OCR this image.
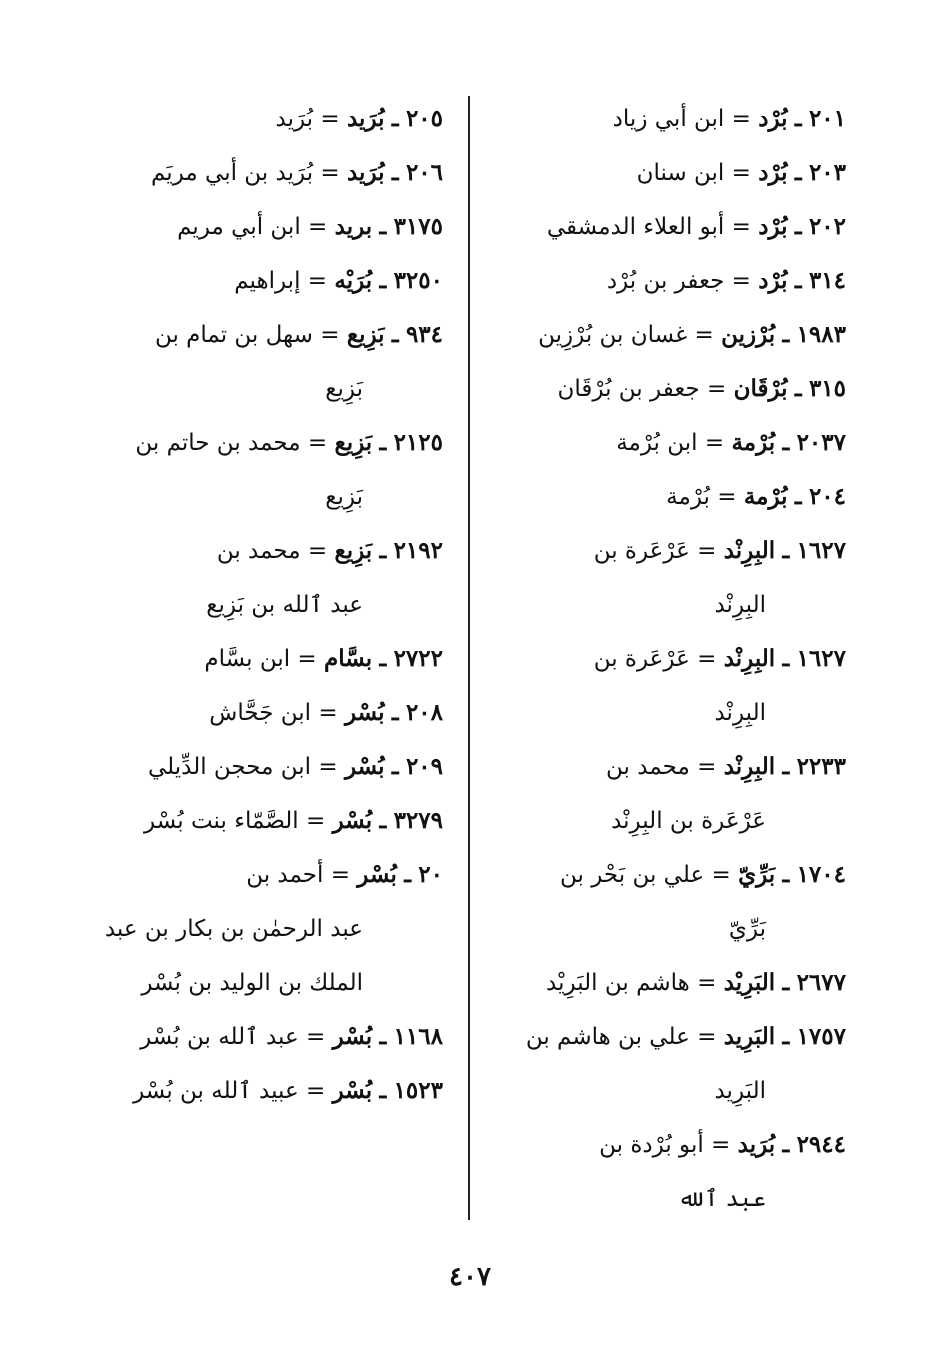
٢٠١ ـ بُرْد = ابن أبي زياد

٢٠٣ ـ بُرْد = ابن سنان

٢٠٢ ـ بُرْد = أبو العلاء الدمشقي

٣١٤ ـ بُرْد = جعفر بن بُرْد

١٩٨٣ ـ بُرْزين = غسان بن بُرْزِين

٣١٥ ـ بُرْقَان = جعفر بن بُرْقَان

٢٠٣٧ ـ بُرْمة = ابن بُرْمة

٢٠٤ ـ بُرْمة = بُرْمة

١٦٢٧ ـ البِرِنْد = عَرْعَرة بن
البِرِنْد

١٦٢٧ ـ البِرِنْد = عَرْعَرة بن
البِرِنْد

٢٢٣٣ ـ البِرِنْد = محمد بن
عَرْعَرة بن البِرِنْد

١٧٠٤ ـ بَرِّيّ = علي بن بَحْر بن
بَرِّيّ

٢٦٧٧ ـ البَرِيْد = هاشم بن البَرِيْد

١٧٥٧ ـ البَرِيد = علي بن هاشم بن
البَرِيد

٢٩٤٤ ـ بُرَيد = أبو بُرْدة بن
عبد ٱلله

٢٠٥ ـ بُرَيد = بُرَيد

٢٠٦ ـ بُرَيد = بُرَيد بن أبي مريَم

٣١٧٥ ـ بريد = ابن أبي مريم

٣٢٥٠ ـ بُرَيْه = إبراهيم

٩٣٤ ـ بَزِيع = سهل بن تمام بن
بَزِيع

٢١٢٥ ـ بَزِيع = محمد بن حاتم بن
بَزِيع

٢١٩٢ ـ بَزِيع = محمد بن
عبد ٱلله بن بَزِيع

٢٧٢٢ ـ بسَّام = ابن بسَّام

٢٠٨ ـ بُسْر = ابن جَحَّاش

٢٠٩ ـ بُسْر = ابن محجن الدِّيلي

٣٢٧٩ ـ بُسْر = الصَّمّاء بنت بُسْر

٢٠ ـ بُسْر = أحمد بن
عبد الرحمٰن بن بكار بن عبد الملك بن الوليد بن بُسْر

١١٦٨ ـ بُسْر = عبد ٱلله بن بُسْر

١٥٢٣ ـ بُسْر = عبيد ٱلله بن بُسْر

٤٠٧
